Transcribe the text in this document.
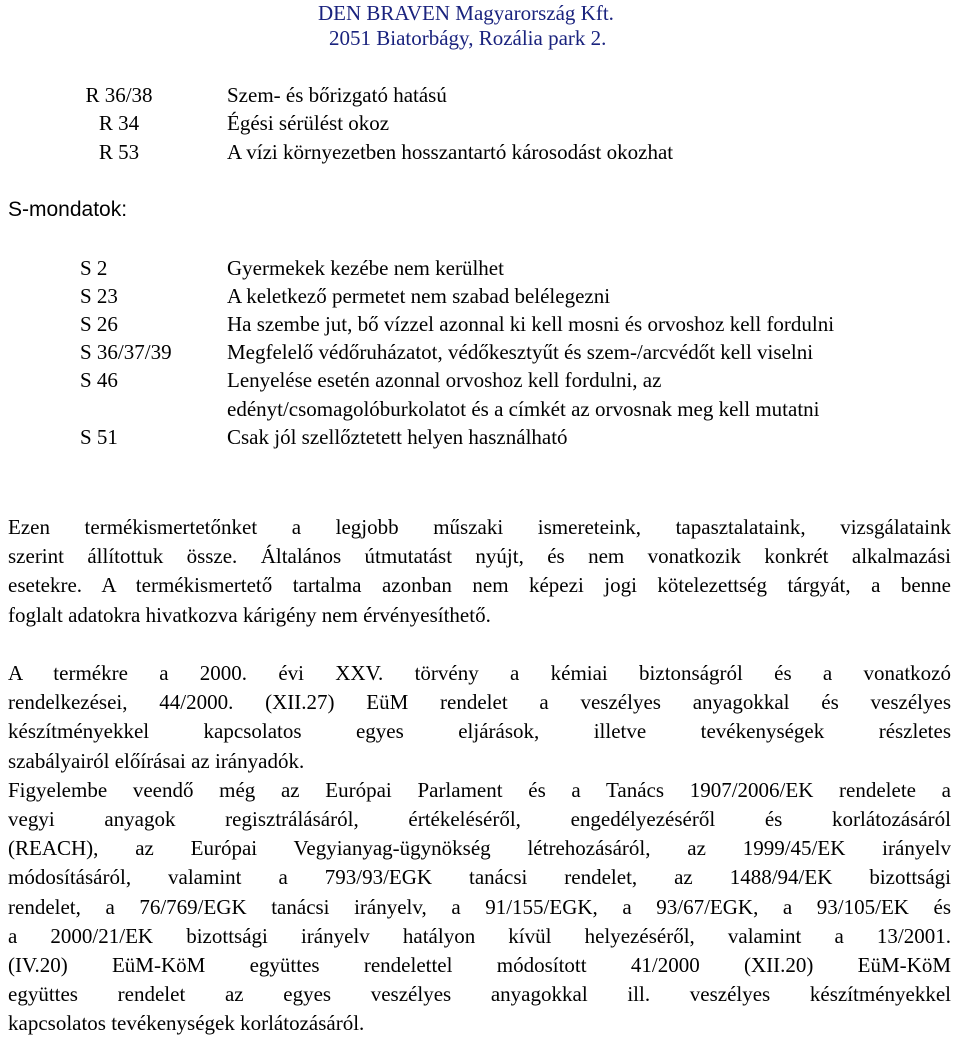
DEN BRAVEN Magyarország Kft.
2051 Biatorbágy, Rozália park 2.
R 36/38	Szem- és bőrizgató hatású
R 34	Égési sérülést okoz
R 53	A vízi környezetben hosszantartó károsodást okozhat
S-mondatok:
S 2	Gyermekek kezébe nem kerülhet
S 23	A keletkező permetet nem szabad belélegezni
S 26	Ha szembe jut, bő vízzel azonnal ki kell mosni és orvoshoz kell fordulni
S 36/37/39	Megfelelő védőruházatot, védőkesztyűt és szem-/arcvédőt kell viselni
S 46	Lenyelése esetén azonnal orvoshoz kell fordulni, az
edényt/csomagolóburkolatot és a címkét az orvosnak meg kell mutatni
S 51	Csak jól szellőztetett helyen használható
Ezen termékismertetőnket a legjobb műszaki ismereteink, tapasztalataink, vizsgálataink
szerint állítottuk össze. Általános útmutatást nyújt, és nem vonatkozik konkrét alkalmazási
esetekre. A termékismertető tartalma azonban nem képezi jogi kötelezettség tárgyát, a benne
foglalt adatokra hivatkozva kárigény nem érvényesíthető.
A termékre a 2000. évi XXV. törvény a kémiai biztonságról és a vonatkozó
rendelkezései, 44/2000. (XII.27) EüM rendelet a veszélyes anyagokkal és veszélyes
készítményekkel kapcsolatos egyes eljárások, illetve tevékenységek részletes
szabályairól előírásai az irányadók.
Figyelembe veendő még az Európai Parlament és a Tanács 1907/2006/EK rendelete a
vegyi anyagok regisztrálásáról, értékeléséről, engedélyezéséről és korlátozásáról
(REACH), az Európai Vegyianyag-ügynökség létrehozásáról, az 1999/45/EK irányelv
módosításáról, valamint a 793/93/EGK tanácsi rendelet, az 1488/94/EK bizottsági
rendelet, a 76/769/EGK tanácsi irányelv, a 91/155/EGK, a 93/67/EGK, a 93/105/EK és
a 2000/21/EK bizottsági irányelv hatályon kívül helyezéséről, valamint a 13/2001.
(IV.20) EüM-KöM együttes rendelettel módosított 41/2000 (XII.20) EüM-KöM
együttes rendelet az egyes veszélyes anyagokkal ill. veszélyes készítményekkel
kapcsolatos tevékenységek korlátozásáról.
